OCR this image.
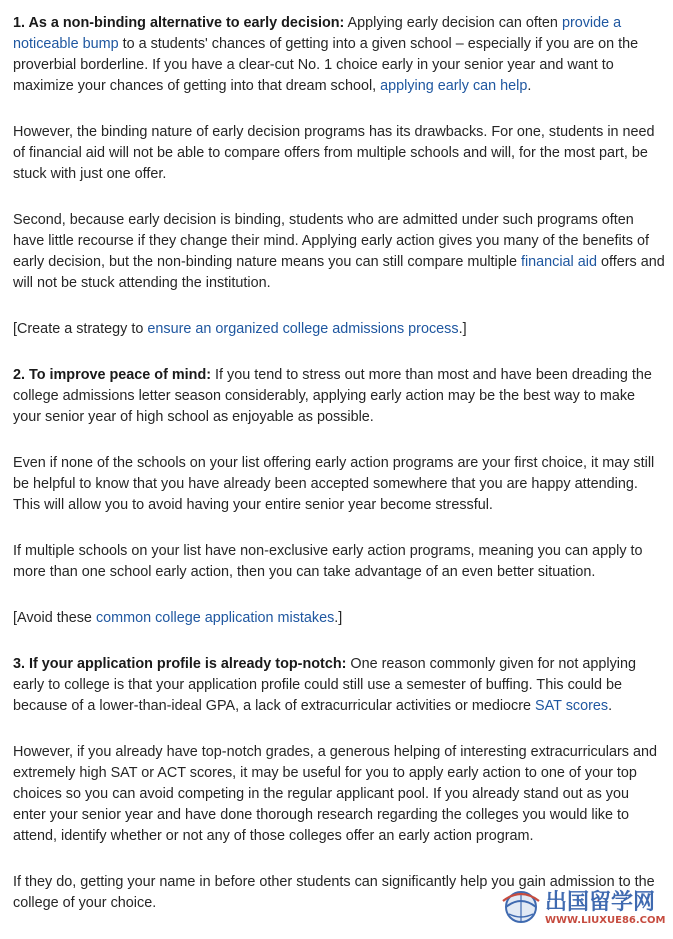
1. As a non-binding alternative to early decision: Applying early decision can often provide a noticeable bump to a students' chances of getting into a given school – especially if you are on the proverbial borderline. If you have a clear-cut No. 1 choice early in your senior year and want to maximize your chances of getting into that dream school, applying early can help.

However, the binding nature of early decision programs has its drawbacks. For one, students in need of financial aid will not be able to compare offers from multiple schools and will, for the most part, be stuck with just one offer.

Second, because early decision is binding, students who are admitted under such programs often have little recourse if they change their mind. Applying early action gives you many of the benefits of early decision, but the non-binding nature means you can still compare multiple financial aid offers and will not be stuck attending the institution.

[Create a strategy to ensure an organized college admissions process.]

2. To improve peace of mind: If you tend to stress out more than most and have been dreading the college admissions letter season considerably, applying early action may be the best way to make your senior year of high school as enjoyable as possible.

Even if none of the schools on your list offering early action programs are your first choice, it may still be helpful to know that you have already been accepted somewhere that you are happy attending. This will allow you to avoid having your entire senior year become stressful.

If multiple schools on your list have non-exclusive early action programs, meaning you can apply to more than one school early action, then you can take advantage of an even better situation.

[Avoid these common college application mistakes.]

3. If your application profile is already top-notch: One reason commonly given for not applying early to college is that your application profile could still use a semester of buffing. This could be because of a lower-than-ideal GPA, a lack of extracurricular activities or mediocre SAT scores.

However, if you already have top-notch grades, a generous helping of interesting extracurriculars and extremely high SAT or ACT scores, it may be useful for you to apply early action to one of your top choices so you can avoid competing in the regular applicant pool. If you already stand out as you enter your senior year and have done thorough research regarding the colleges you would like to attend, identify whether or not any of those colleges offer an early action program.

If they do, getting your name in before other students can significantly help you gain admission to the college of your choice.	出国留学网
WWW.LIUXUE86.COM
